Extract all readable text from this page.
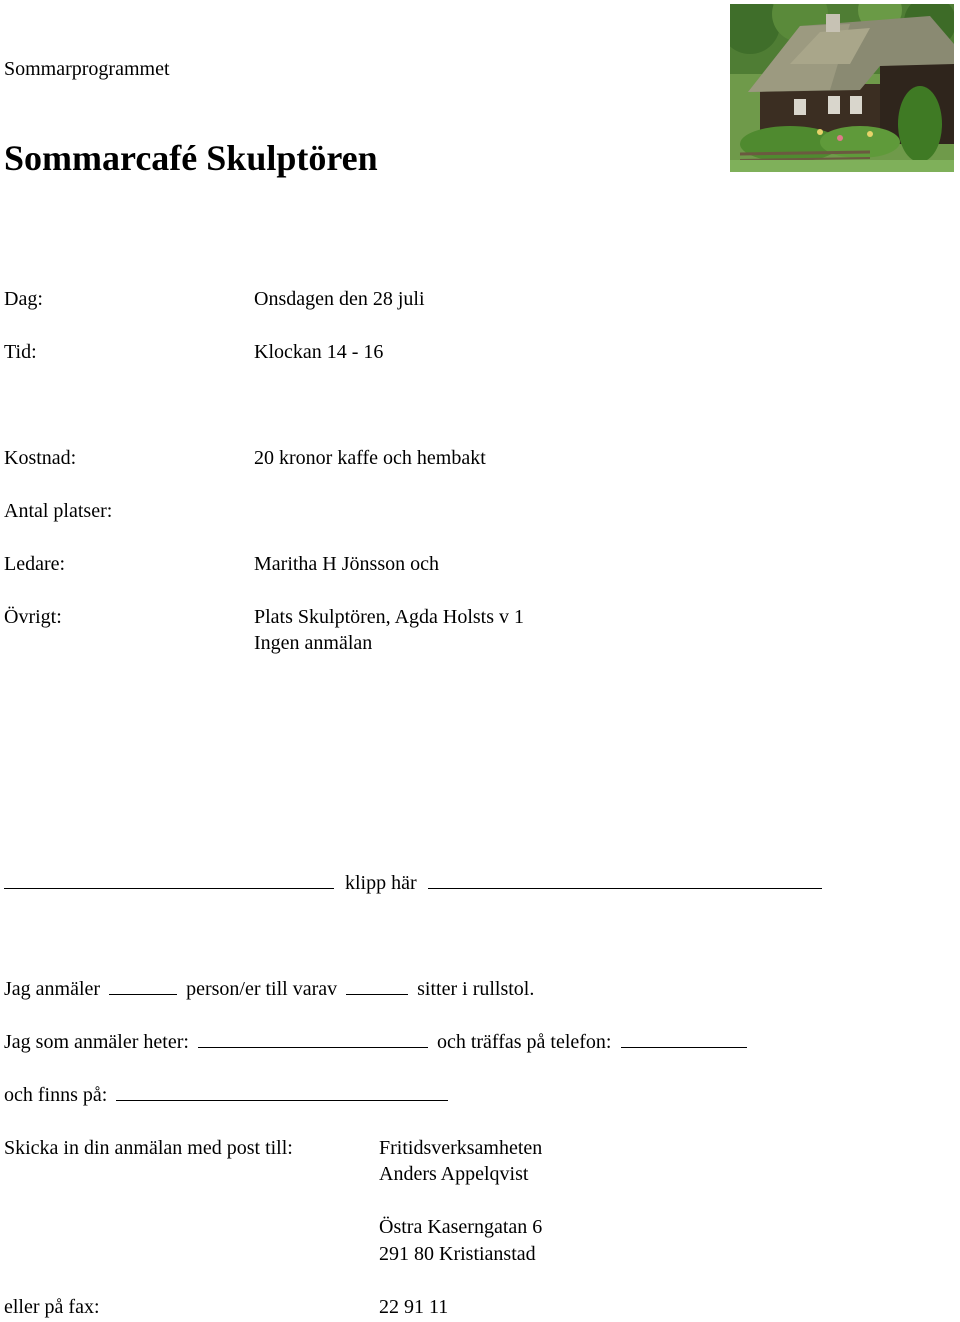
Sommarprogrammet
Sommarcafé Skulptören
Dag:	Onsdagen den 28 juli
Tid:	Klockan 14 - 16
Kostnad:	20 kronor kaffe och hembakt
Antal platser:
Ledare:	Maritha H Jönsson och
Övrigt:	Plats Skulptören, Agda Holsts v 1
Ingen anmälan
klipp här
Jag anmäler	person/er till varav	sitter i rullstol.
Jag som anmäler heter:	och träffas på telefon:
och finns på:
Skicka in din anmälan med post till:	Fritidsverksamheten
Anders Appelqvist
Östra Kaserngatan 6
291 80 Kristianstad
eller på fax:	22 91 11
